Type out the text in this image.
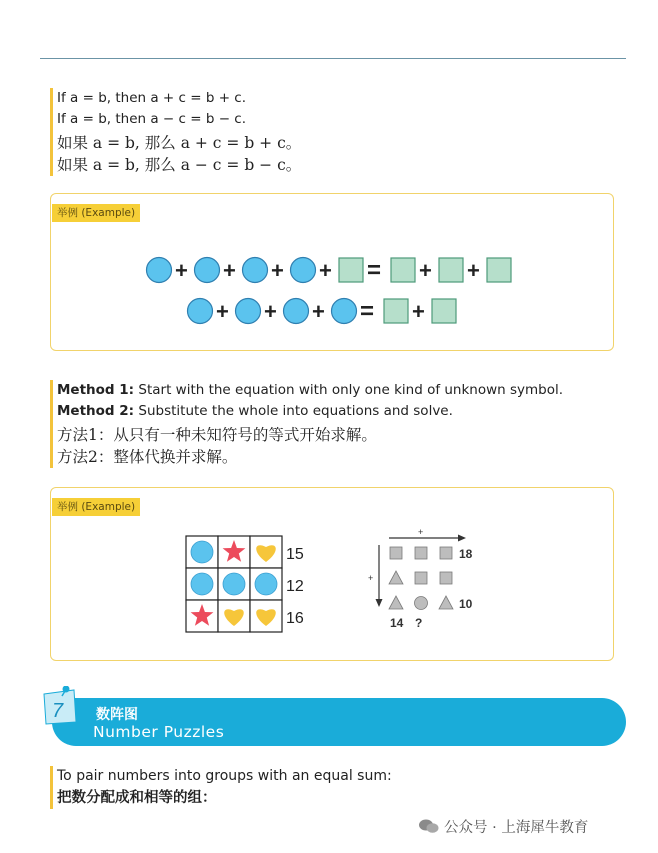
If a = b, then a + c = b + c.
If a = b, then a − c = b − c.
如果 a = b, 那么 a + c = b + c。
如果 a = b, 那么 a − c = b − c。
举例 (Example)
+ + + + = + +
+ + + = +
Method 1: Start with the equation with only one kind of unknown symbol.
Method 2: Substitute the whole into equations and solve.
方法1：从只有一种未知符号的等式开始求解。
方法2：整体代换并求解。
举例 (Example)
15
12
16
+
+
18
10
14 ?
7 数阵图
Number Puzzles
To pair numbers into groups with an equal sum:
把数分配成和相等的组：
公众号 · 上海犀牛教育
